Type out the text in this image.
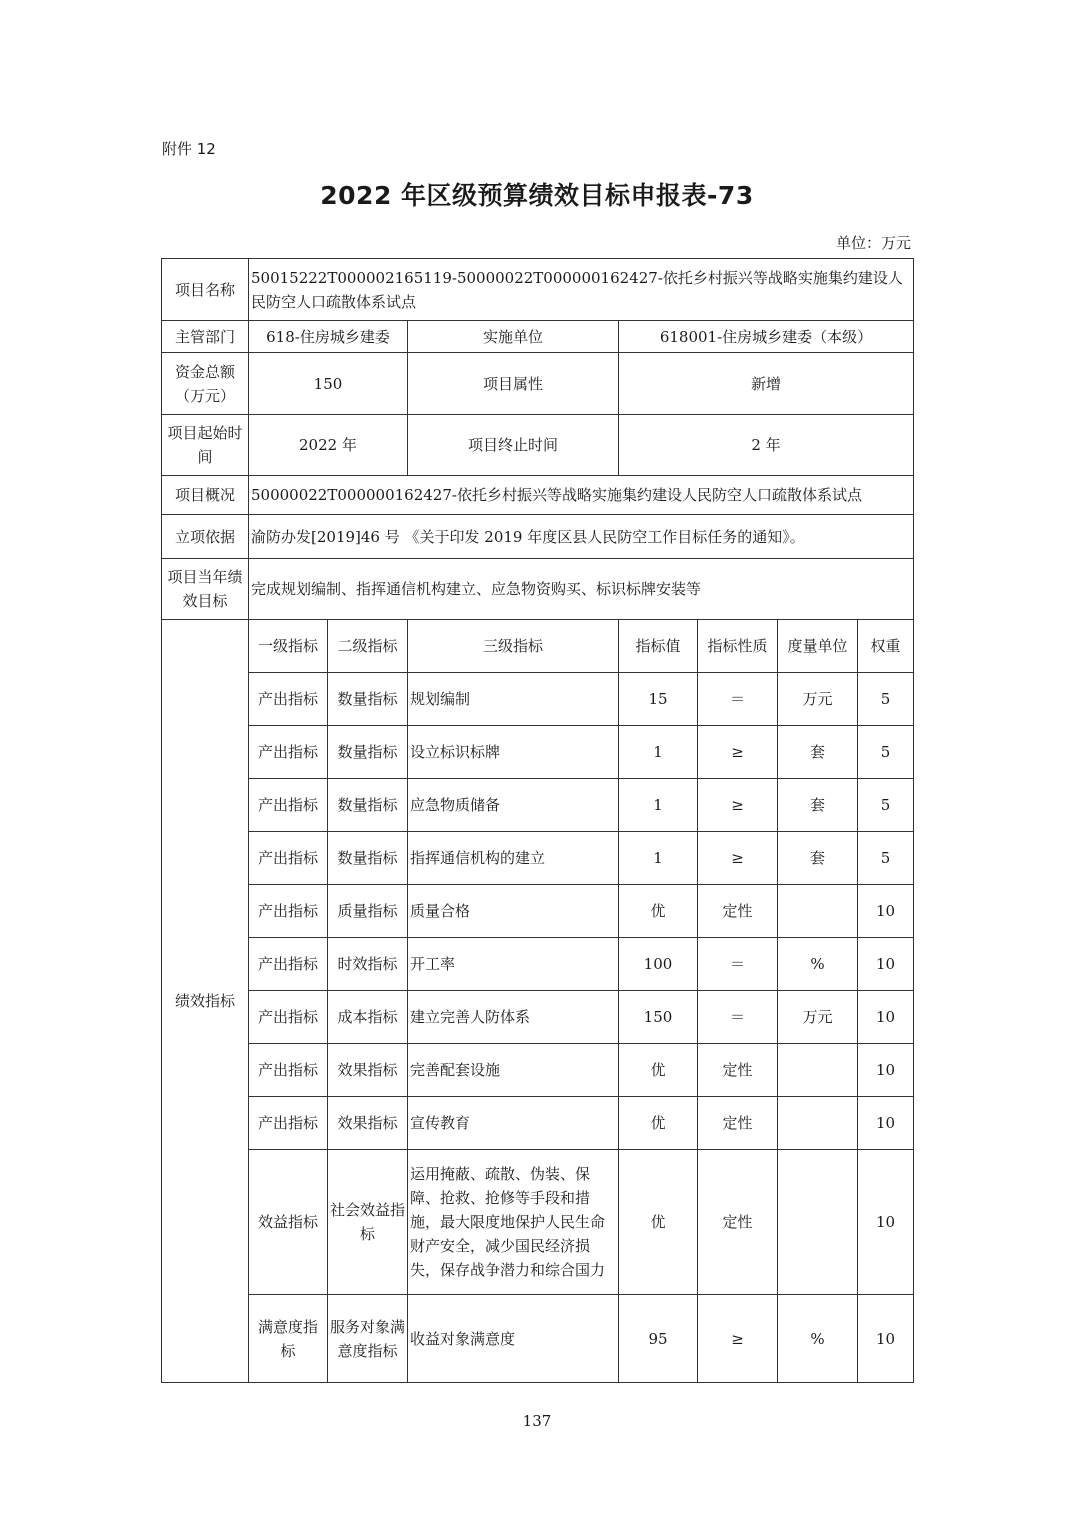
附件 12
2022 年区级预算绩效目标申报表-73
单位：万元
项目名称	50015222T000002165119-50000022T000000162427-依托乡村振兴等战略实施集约建设人民防空人口疏散体系试点						
主管部门	618-住房城乡建委		实施单位	618001-住房城乡建委（本级）			
资金总额（万元）	150		项目属性	新增			
项目起始时间	2022 年		项目终止时间	2 年			
项目概况	50000022T000000162427-依托乡村振兴等战略实施集约建设人民防空人口疏散体系试点						
立项依据	渝防办发[2019]46 号 《关于印发 2019 年度区县人民防空工作目标任务的通知》。						
项目当年绩效目标	完成规划编制、指挥通信机构建立、应急物资购买、标识标牌安装等						
绩效指标	一级指标	二级指标	三级指标	指标值	指标性质	度量单位	权重
	产出指标	数量指标	规划编制	15	＝	万元	5
	产出指标	数量指标	设立标识标牌	1	≥	套	5
	产出指标	数量指标	应急物质储备	1	≥	套	5
	产出指标	数量指标	指挥通信机构的建立	1	≥	套	5
	产出指标	质量指标	质量合格	优	定性		10
	产出指标	时效指标	开工率	100	＝	%	10
	产出指标	成本指标	建立完善人防体系	150	＝	万元	10
	产出指标	效果指标	完善配套设施	优	定性		10
	产出指标	效果指标	宣传教育	优	定性		10
	效益指标	社会效益指标	运用掩蔽、疏散、伪装、保障、抢救、抢修等手段和措施，最大限度地保护人民生命财产安全，减少国民经济损失，保存战争潜力和综合国力	优	定性		10
	满意度指标	服务对象满意度指标	收益对象满意度	95	≥	%	10
137
